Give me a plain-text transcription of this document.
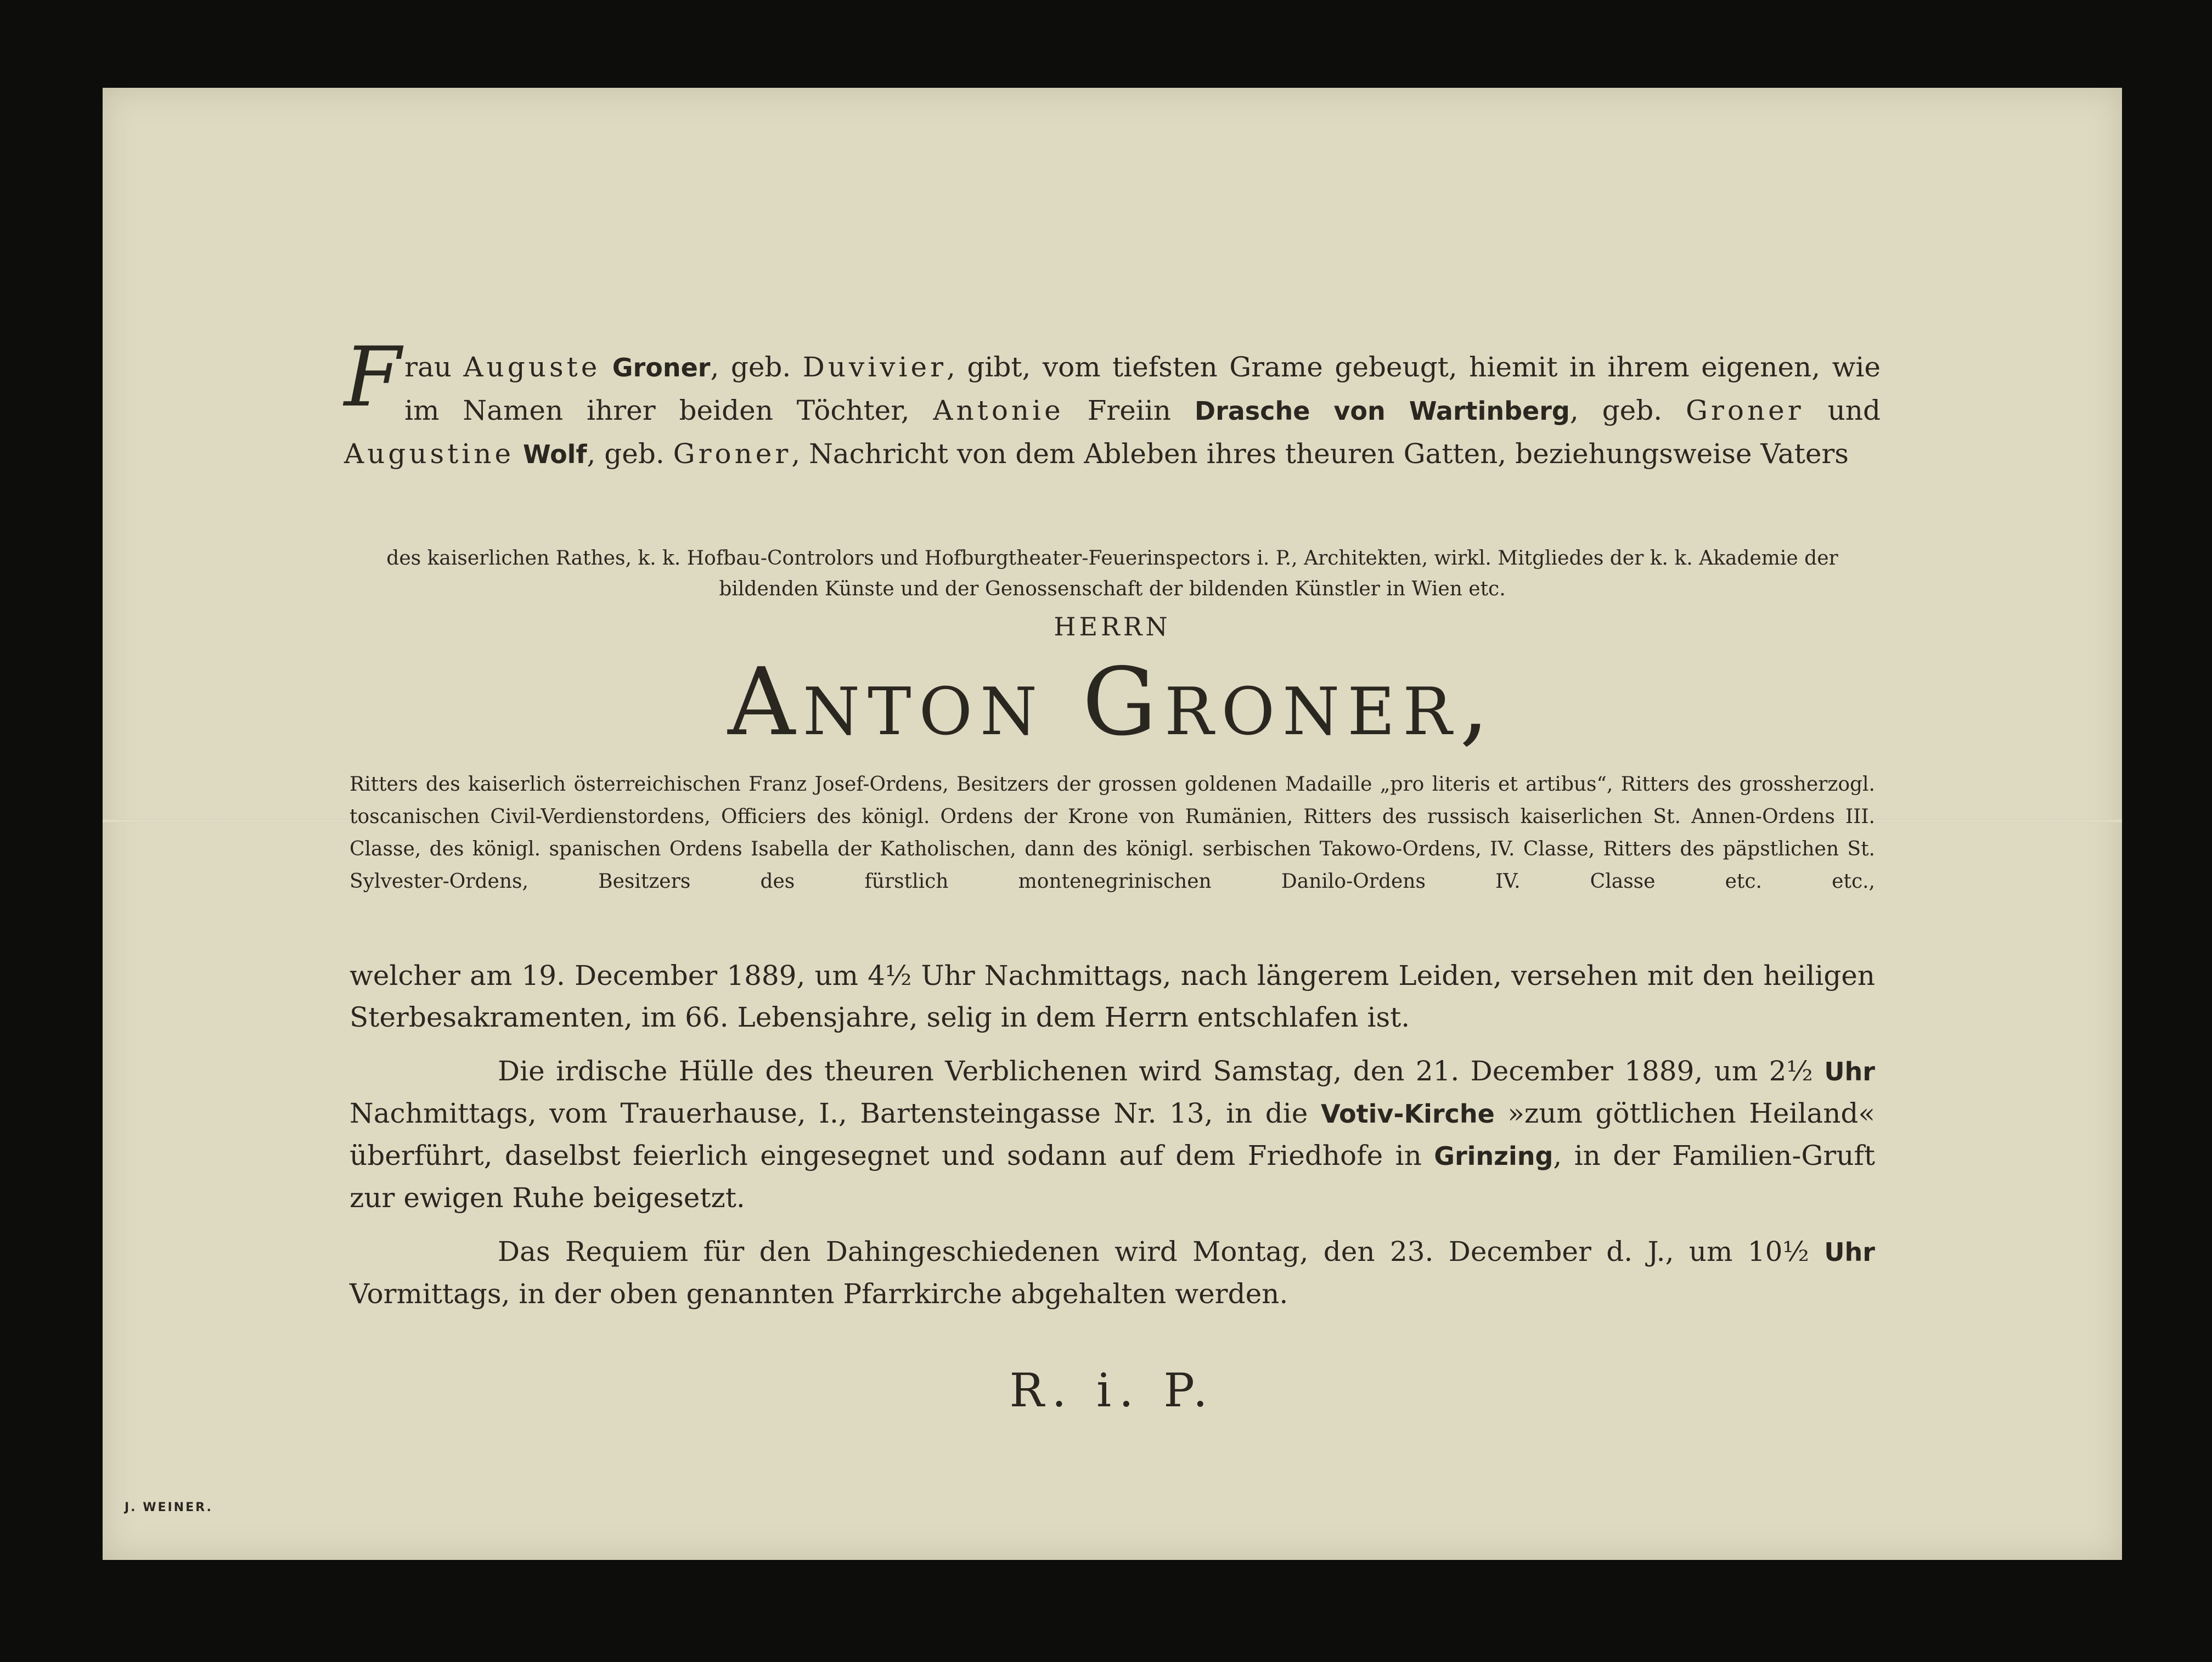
Frau Auguste Groner, geb. Duvivier, gibt, vom tiefsten Grame gebeugt, hiemit in ihrem eigenen, wie im Namen ihrer beiden Töchter, Antonie Freiin Drasche von Wartinberg, geb. Groner und Augustine Wolf, geb. Groner, Nachricht von dem Ableben ihres theuren Gatten, beziehungsweise Vaters
des kaiserlichen Rathes, k. k. Hofbau-Controlors und Hofburgtheater-Feuerinspectors i. P., Architekten, wirkl. Mitgliedes der k. k. Akademie der bildenden Künste und der Genossenschaft der bildenden Künstler in Wien etc.
HERRN
Anton Groner,
Ritters des kaiserlich österreichischen Franz Josef-Ordens, Besitzers der grossen goldenen Madaille „pro literis et artibus“, Ritters des grossherzogl. toscanischen Civil-Verdienstordens, Officiers des königl. Ordens der Krone von Rumänien, Ritters des russisch kaiserlichen St. Annen-Ordens III. Classe, des königl. spanischen Ordens Isabella der Katholischen, dann des königl. serbischen Takowo-Ordens, IV. Classe, Ritters des päpstlichen St. Sylvester-Ordens, Besitzers des fürstlich montenegrinischen Danilo-Ordens IV. Classe etc. etc.,

welcher am 19. December 1889, um 4½ Uhr Nachmittags, nach längerem Leiden, versehen mit den heiligen Sterbesakramenten, im 66. Lebensjahre, selig in dem Herrn entschlafen ist.

Die irdische Hülle des theuren Verblichenen wird Samstag, den 21. December 1889, um 2½ Uhr Nachmittags, vom Trauerhause, I., Bartensteingasse Nr. 13, in die Votiv-Kirche »zum göttlichen Heiland« überführt, daselbst feierlich eingesegnet und sodann auf dem Friedhofe in Grinzing, in der Familien-Gruft zur ewigen Ruhe beigesetzt.

Das Requiem für den Dahingeschiedenen wird Montag, den 23. December d. J., um 10½ Uhr Vormittags, in der oben genannten Pfarrkirche abgehalten werden.

R. i. P.
J. WEINER.
